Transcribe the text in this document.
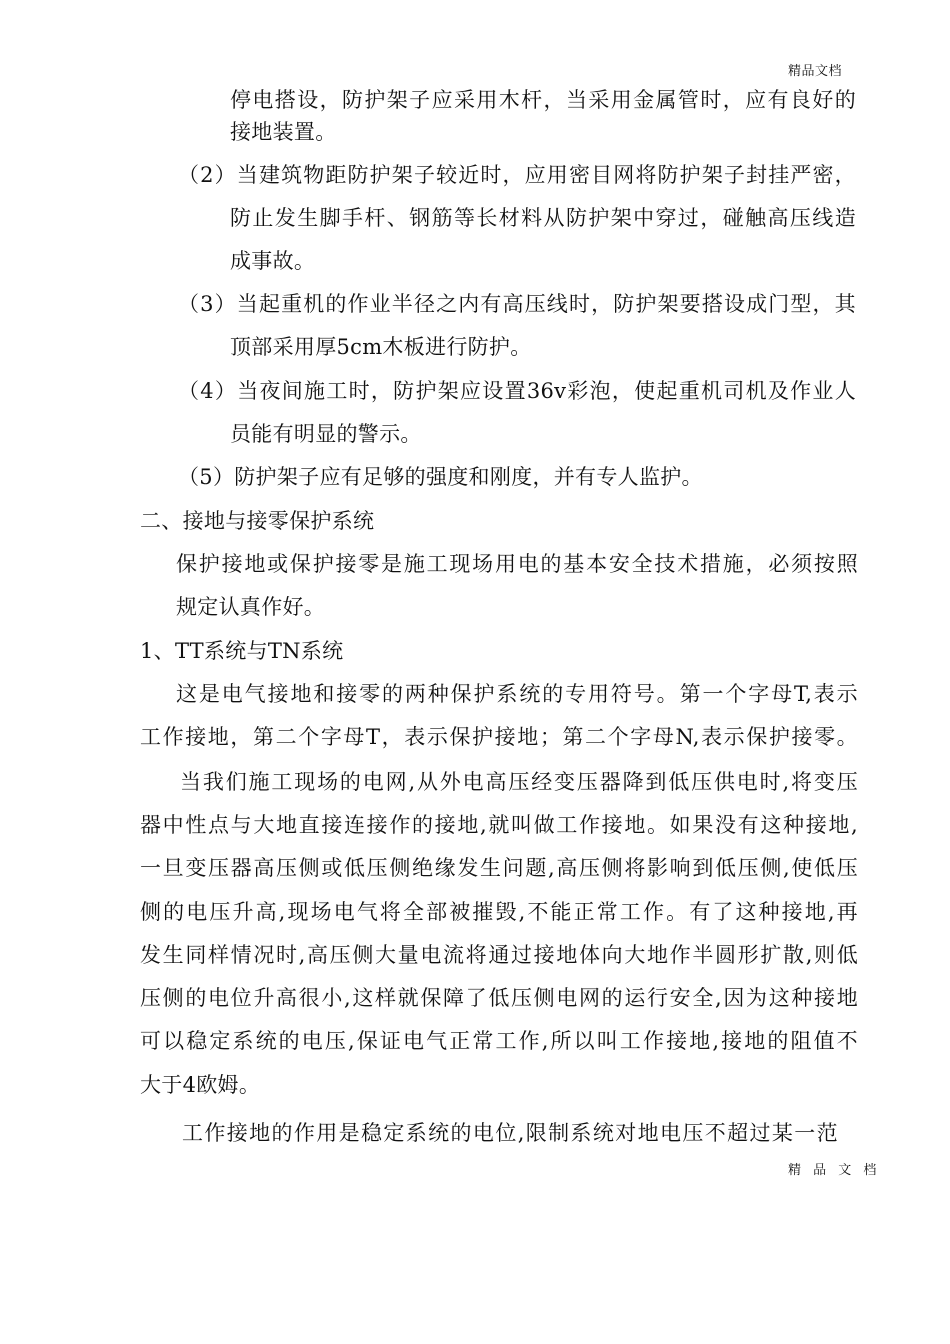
精品文档
停电搭设，防护架子应采用木杆，当采用金属管时，应有良好的
接地装置。
（2）当建筑物距防护架子较近时，应用密目网将防护架子封挂严密，
防止发生脚手杆、钢筋等长材料从防护架中穿过，碰触高压线造
成事故。
（3）当起重机的作业半径之内有高压线时，防护架要搭设成门型，其
顶部采用厚5cm木板进行防护。
（4）当夜间施工时，防护架应设置36v彩泡，使起重机司机及作业人
员能有明显的警示。
（5）防护架子应有足够的强度和刚度，并有专人监护。
二、接地与接零保护系统
保护接地或保护接零是施工现场用电的基本安全技术措施，必须按照
规定认真作好。
1、TT系统与TN系统
这是电气接地和接零的两种保护系统的专用符号。第一个字母T,表示
工作接地，第二个字母T，表示保护接地；第二个字母N,表示保护接零。
当我们施工现场的电网,从外电高压经变压器降到低压供电时,将变压
器中性点与大地直接连接作的接地,就叫做工作接地。如果没有这种接地,
一旦变压器高压侧或低压侧绝缘发生问题,高压侧将影响到低压侧,使低压
侧的电压升高,现场电气将全部被摧毁,不能正常工作。有了这种接地,再
发生同样情况时,高压侧大量电流将通过接地体向大地作半圆形扩散,则低
压侧的电位升高很小,这样就保障了低压侧电网的运行安全,因为这种接地
可以稳定系统的电压,保证电气正常工作,所以叫工作接地,接地的阻值不
大于4欧姆。
工作接地的作用是稳定系统的电位,限制系统对地电压不超过某一范
精 品 文 档
